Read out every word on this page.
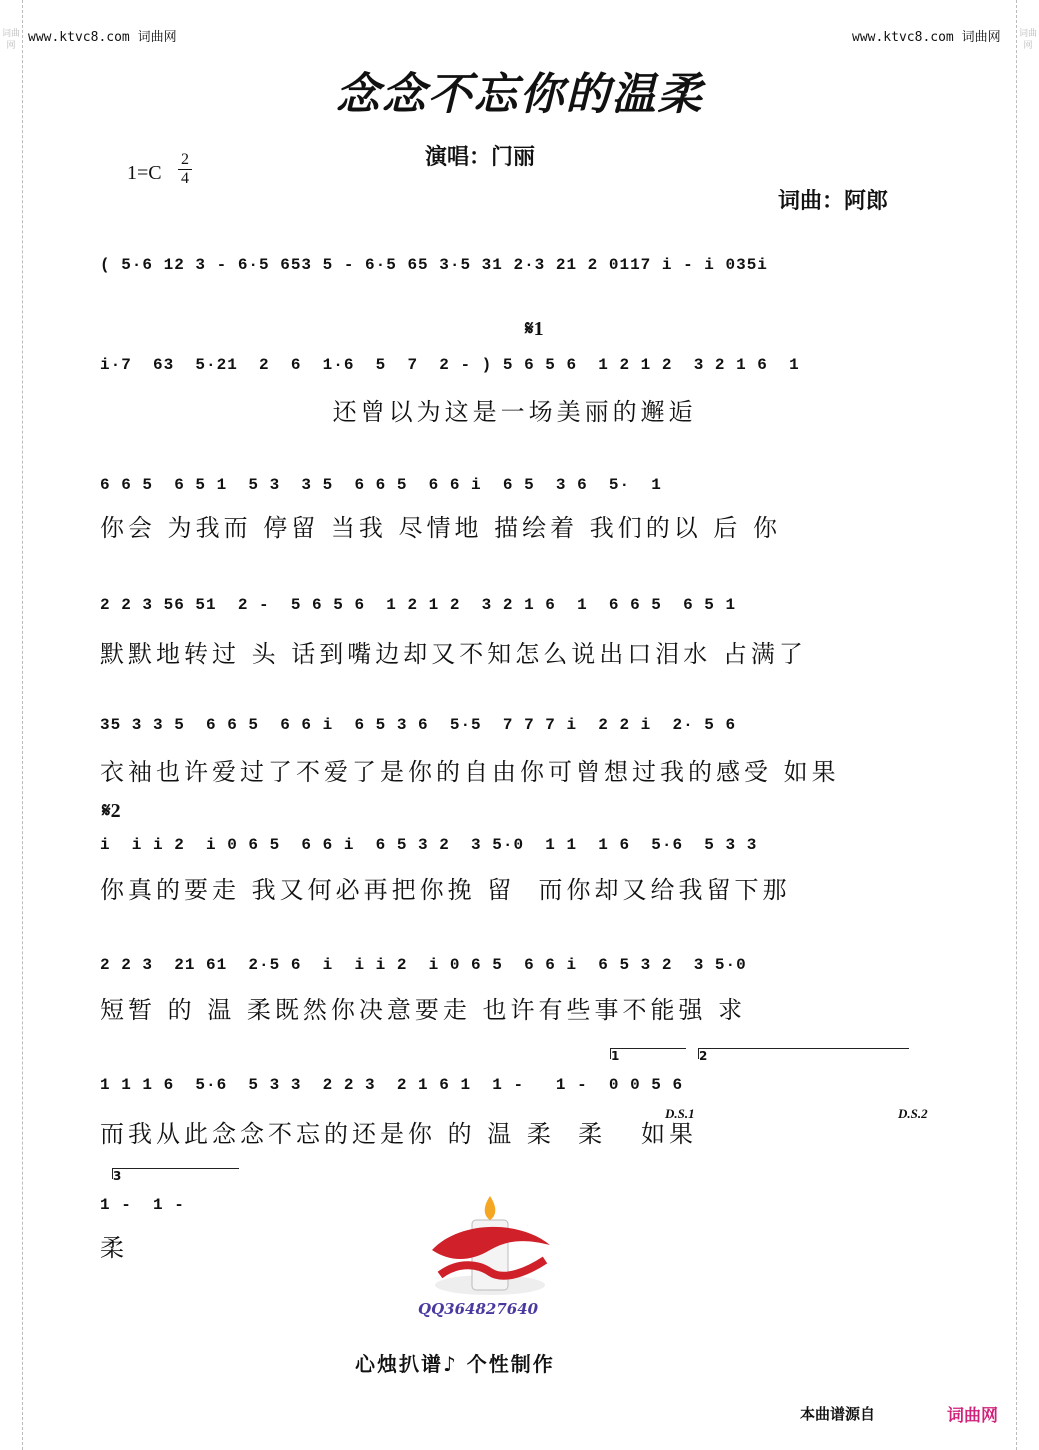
词曲网
词曲网
www.ktvc8.com 词曲网	www.ktvc8.com 词曲网
念念不忘你的温柔
演唱：门丽
1=C
2
4
词曲：阿郎
( 5·6 12 3 - 6·5 653 5 - 6·5 65 3·5 31 2·3 21 2 0117 i - i 035i
𝄋1
i·7  63  5·21  2  6  1·6  5  7  2 - ) 5 6 5 6  1 2 1 2  3 2 1 6  1
还曾以为这是一场美丽的邂逅
6 6 5  6 5 1  5 3  3 5  6 6 5  6 6 i  6 5  3 6  5·  1
你会 为我而 停留 当我 尽情地 描绘着 我们的以 后 你
2 2 3 56 51  2 -  5 6 5 6  1 2 1 2  3 2 1 6  1  6 6 5  6 5 1
默默地转过 头 话到嘴边却又不知怎么说出口泪水 占满了
35 3 3 5  6 6 5  6 6 i  6 5 3 6  5·5  7 7 7 i  2 2 i  2· 5 6
衣袖也许爱过了不爱了是你的自由你可曾想过我的感受 如果
𝄋2
i  i i 2  i 0 6 5  6 6 i  6 5 3 2  3 5·0  1 1  1 6  5·6  5 3 3
你真的要走 我又何必再把你挽 留  而你却又给我留下那
2 2 3  21 61  2·5 6  i  i i 2  i 0 6 5  6 6 i  6 5 3 2  3 5·0
短暂 的 温 柔既然你决意要走 也许有些事不能强 求
1	2
1 1 1 6  5·6  5 3 3  2 2 3  2 1 6 1  1 -   1 -  0 0 5 6
D.S.1	D.S.2
而我从此念念不忘的还是你 的 温 柔  柔   如果
3
1 -  1 -
柔
QQ364827640
心烛扒谱♪ 个性制作
本曲谱源自	词曲网
